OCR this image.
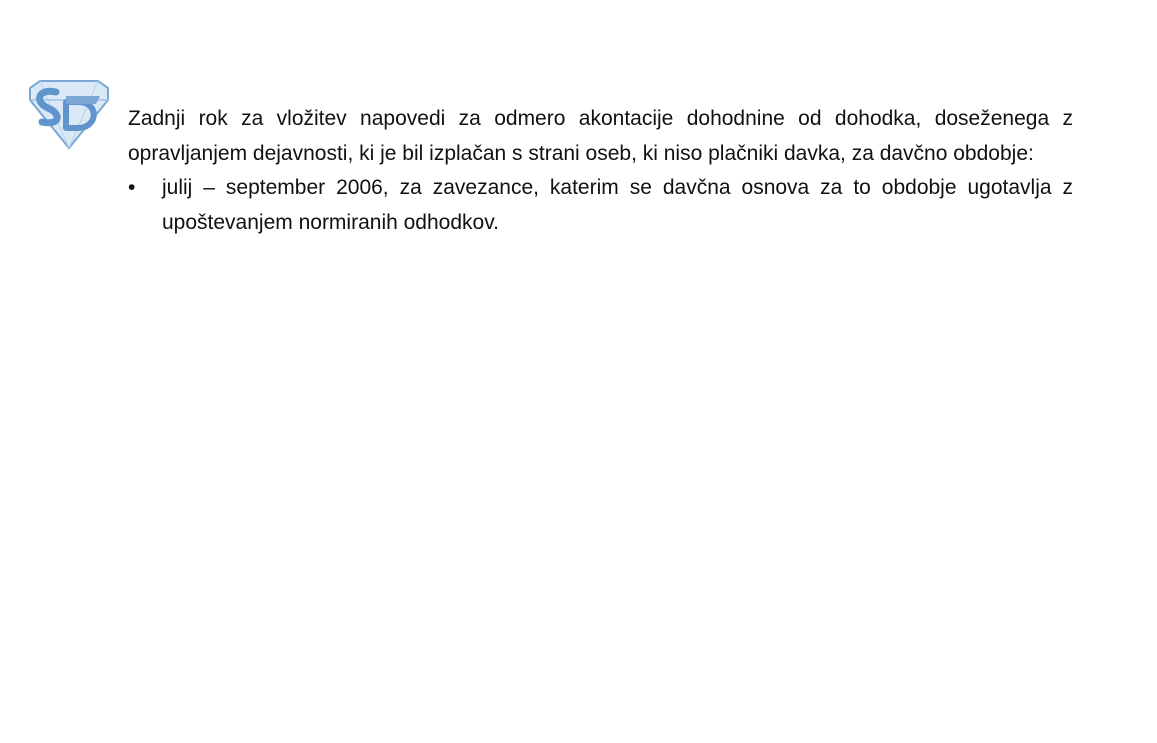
Zadnji rok za vložitev napovedi za odmero akontacije dohodnine od dohodka, doseženega z opravljanjem dejavnosti, ki je bil izplačan s strani oseb, ki niso plačniki davka, za davčno obdobje:

•	julij – september 2006, za zavezance, katerim se davčna osnova za to obdobje ugotavlja z upoštevanjem normiranih odhodkov.
